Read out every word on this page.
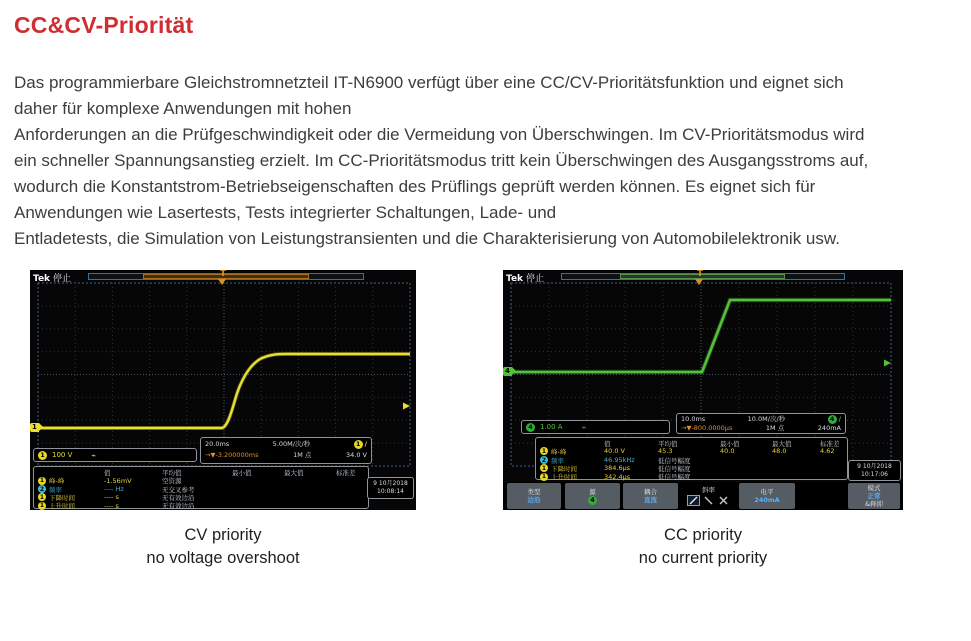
CC&CV-Priorität
Das programmierbare Gleichstromnetzteil IT-N6900 verfügt über eine CC/CV-Prioritätsfunktion und eignet sich
daher für komplexe Anwendungen mit hohen
Anforderungen an die Prüfgeschwindigkeit oder die Vermeidung von Überschwingen. Im CV-Prioritätsmodus wird
ein schneller Spannungsanstieg erzielt. Im CC-Prioritätsmodus tritt kein Überschwingen des Ausgangsstroms auf,
wodurch die Konstantstrom-Betriebseigenschaften des Prüflings geprüft werden können. Es eignet sich für
Anwendungen wie Lasertests, Tests integrierter Schaltungen, Lade- und
Entladetests, die Simulation von Leistungstransienten und die Charakterisierung von Automobilelektronik usw.
Tek 停止	T
1
1	100 V ⌁
20.0ms	5.00M/次/秒	1 /
→▼-3.200000ms	1M 点	34.0 V
值	平均值	最小值	最大值	标准差
1 峰-峰	-1.56mV	空资源
2 频率	---- Hz	无交叉参考
1 下降时间	---- s	无有效边沿
1 上升时间	---- s	无有效边沿
9 10月2018
10:08:14
Tek 停止	T
4
4	1.00 A ⌁
10.0ms	10.0M/次/秒	4 /
→▼-800.0000µs	1M 点	240mA
值	平均值	最小值	最大值	标准差
1 峰-峰	40.0 V	45.3	40.0	48.0	4.62
2 频率	46.95kHz	低信号幅度
1 下降时间	384.6µs	低信号幅度
1 上升时间	342.4µs	低信号幅度
9 10月2018
10:17:06
类型
边沿
源
4
耦合
直流
斜率	电平
240mA
模式
正常
&释抑
CV priority
no voltage overshoot
CC priority
no current priority
